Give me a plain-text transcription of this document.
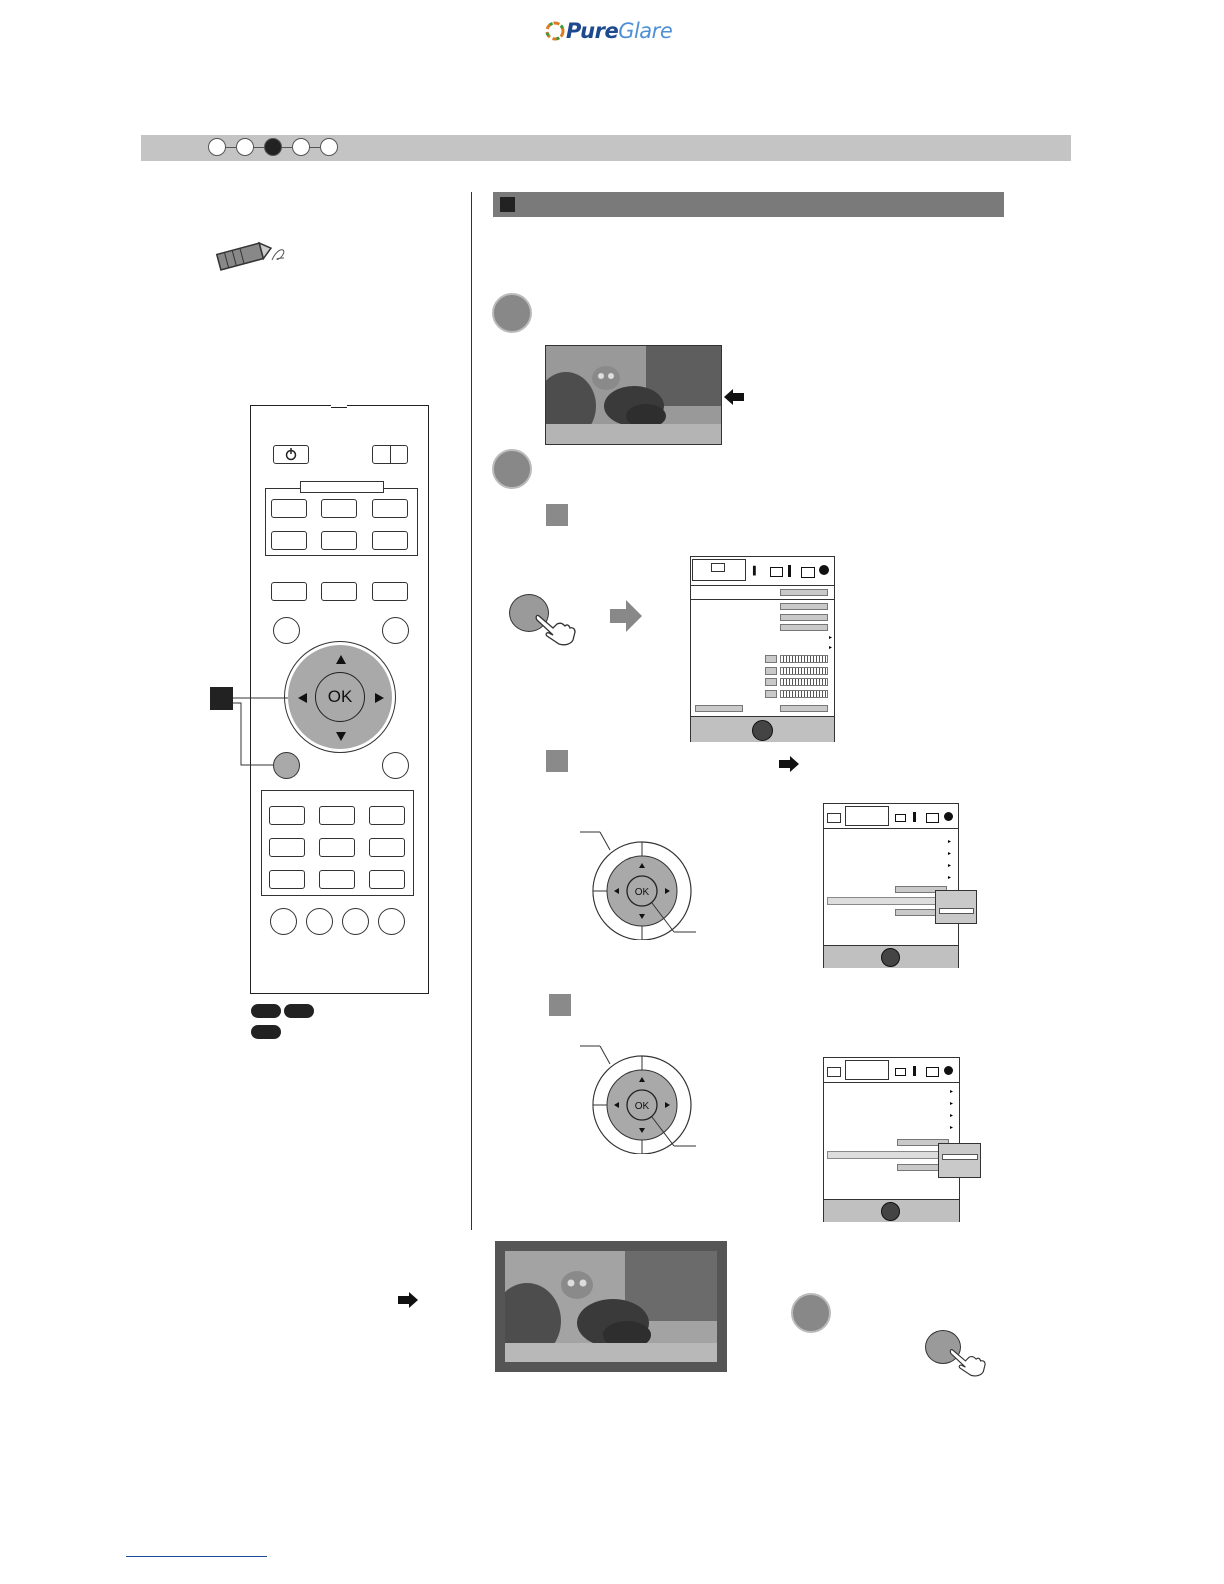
PureGlare
OK
▐
▸
▸
OK
▸
▸
▸
▸
OK
▸
▸
▸
▸
